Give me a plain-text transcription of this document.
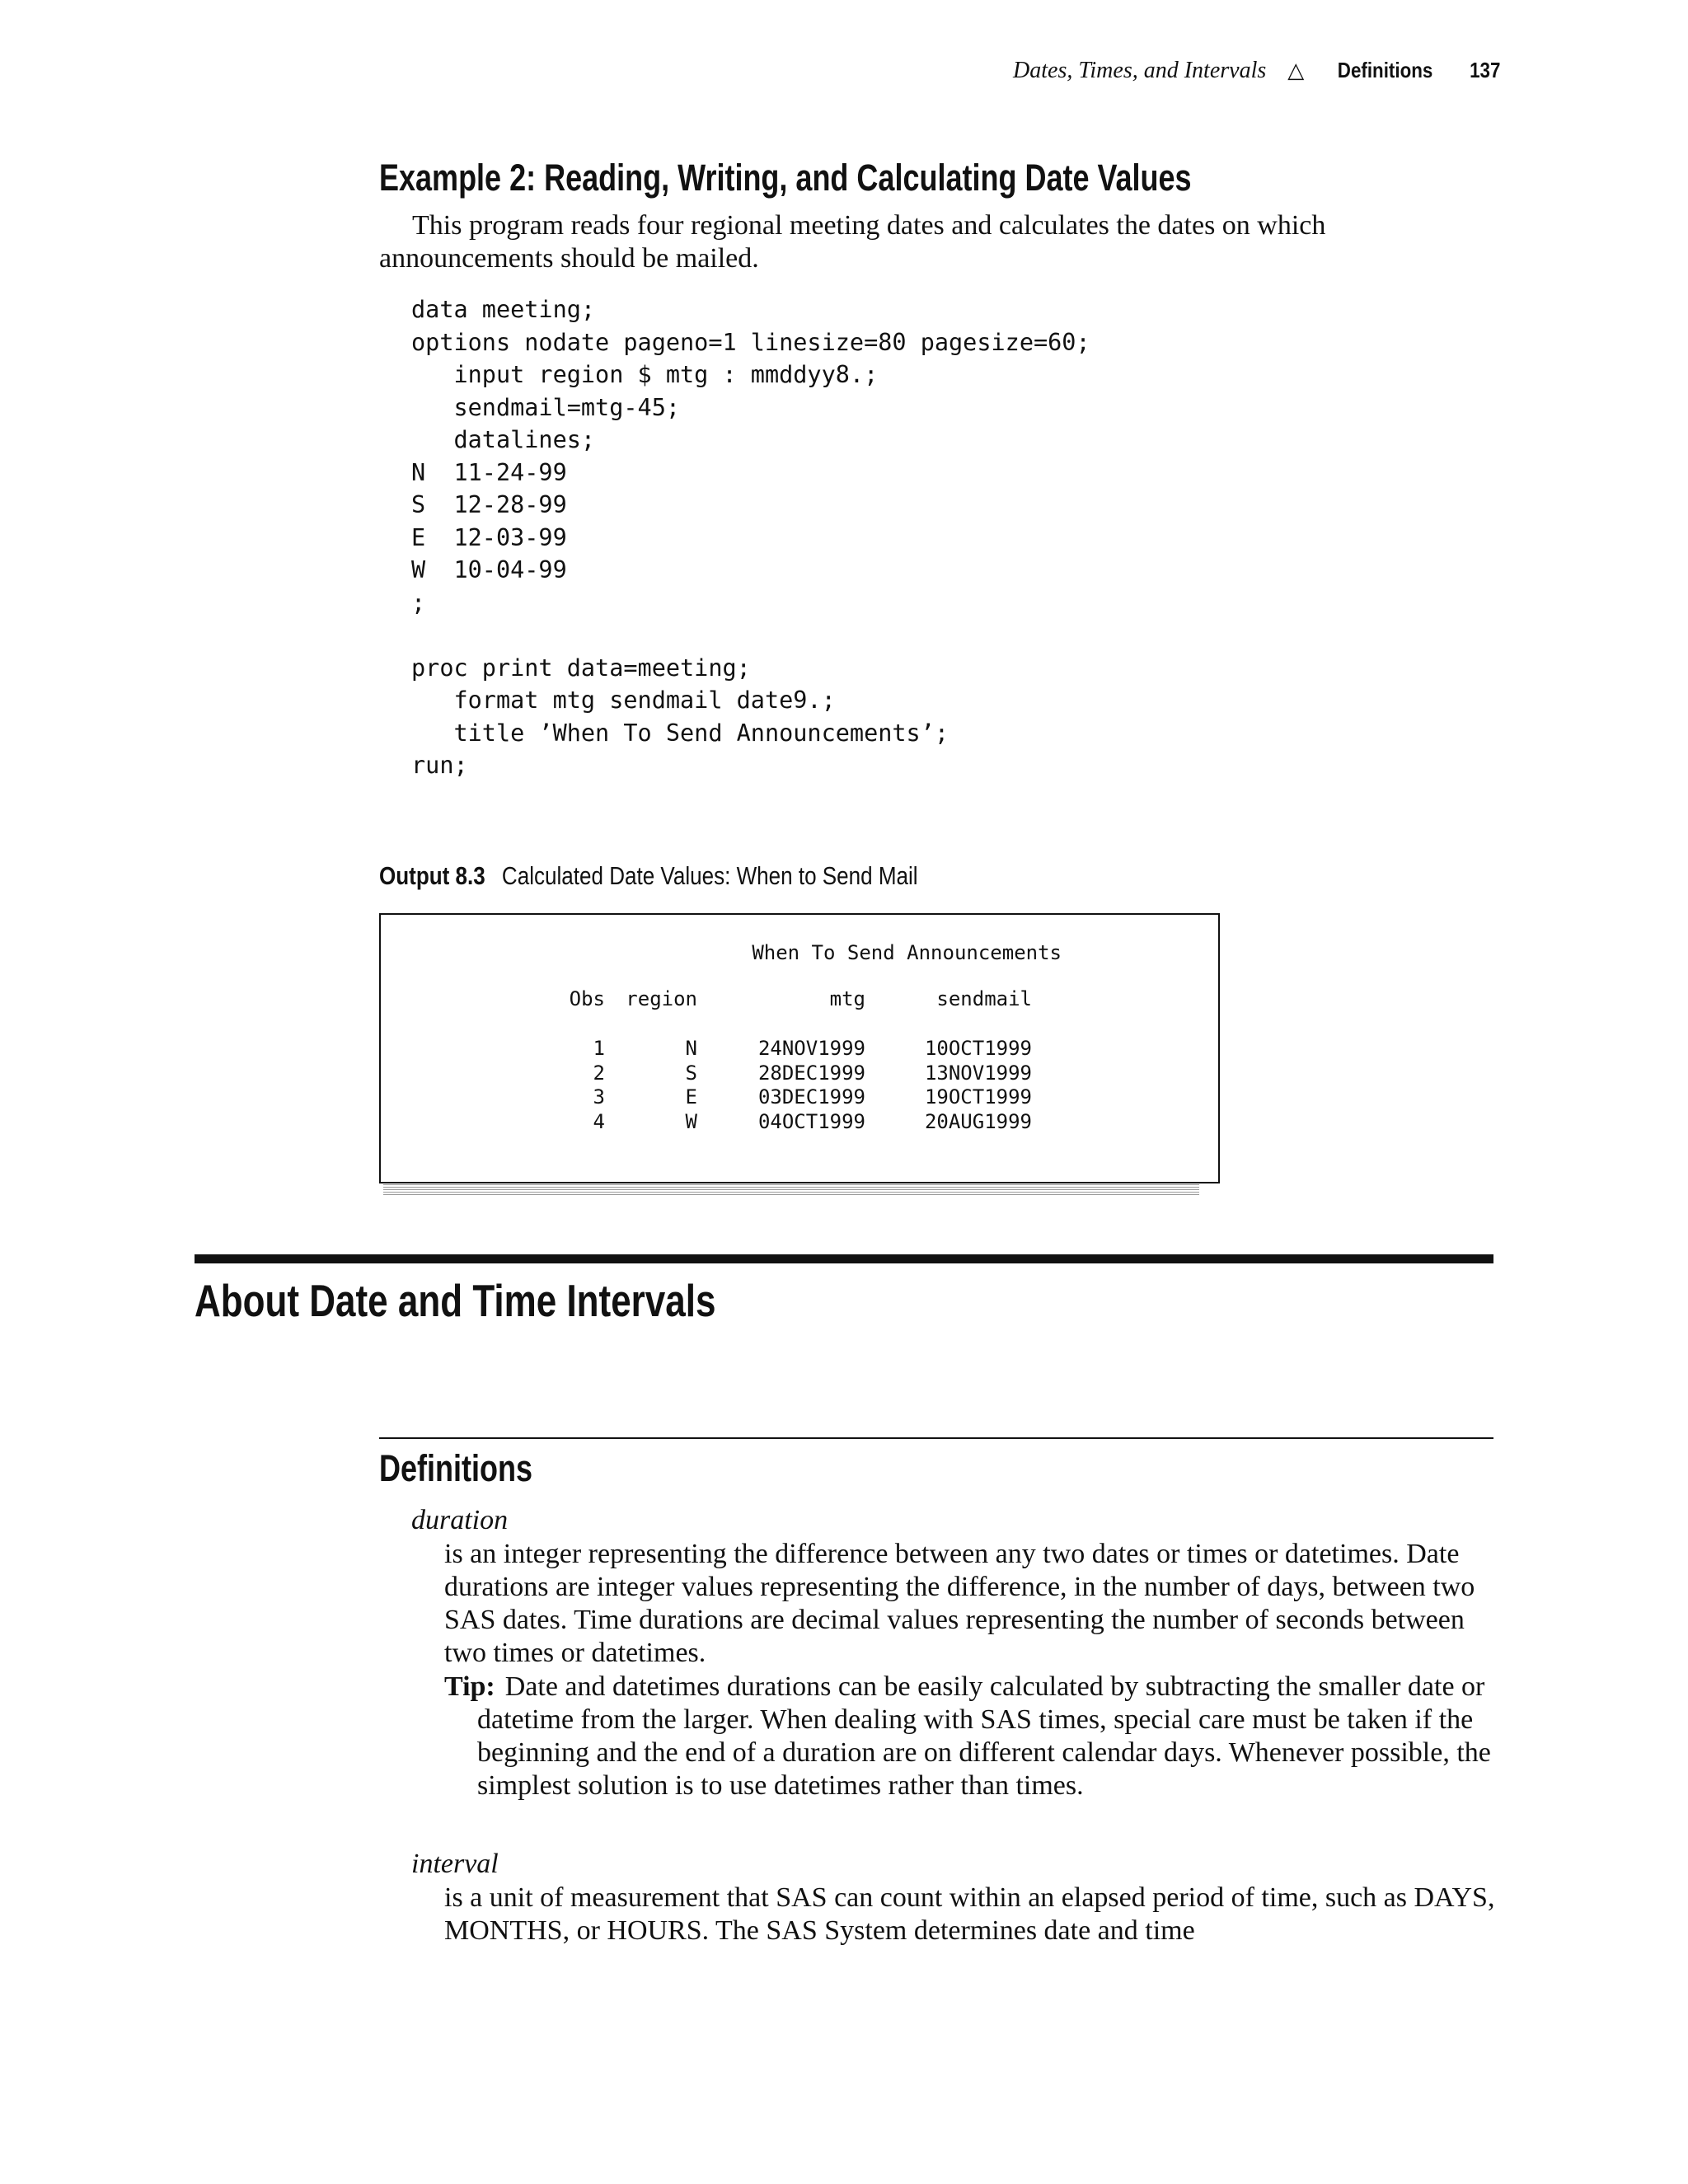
Dates, Times, and Intervals △ Definitions 137
Example 2: Reading, Writing, and Calculating Date Values
This program reads four regional meeting dates and calculates the dates on which announcements should be mailed.
data meeting;
options nodate pageno=1 linesize=80 pagesize=60;
input region $ mtg : mmddyy8.;
sendmail=mtg-45;
datalines;
N  11-24-99
S  12-28-99
E  12-03-99
W  10-04-99
;

proc print data=meeting;
format mtg sendmail date9.;
title ’When To Send Announcements’;
run;
Output 8.3 Calculated Date Values: When to Send Mail
When To Send Announcements
Obs	region	mtg	sendmail

1	N	24NOV1999	10OCT1999
2	S	28DEC1999	13NOV1999
3	E	03DEC1999	19OCT1999
4	W	04OCT1999	20AUG1999
About Date and Time Intervals
Definitions
duration
is an integer representing the difference between any two dates or times or datetimes. Date durations are integer values representing the difference, in the number of days, between two SAS dates. Time durations are decimal values representing the number of seconds between two times or datetimes.
Tip: Date and datetimes durations can be easily calculated by subtracting the smaller date or datetime from the larger. When dealing with SAS times, special care must be taken if the beginning and the end of a duration are on different calendar days. Whenever possible, the simplest solution is to use datetimes rather than times.
interval
is a unit of measurement that SAS can count within an elapsed period of time, such as DAYS, MONTHS, or HOURS. The SAS System determines date and time
